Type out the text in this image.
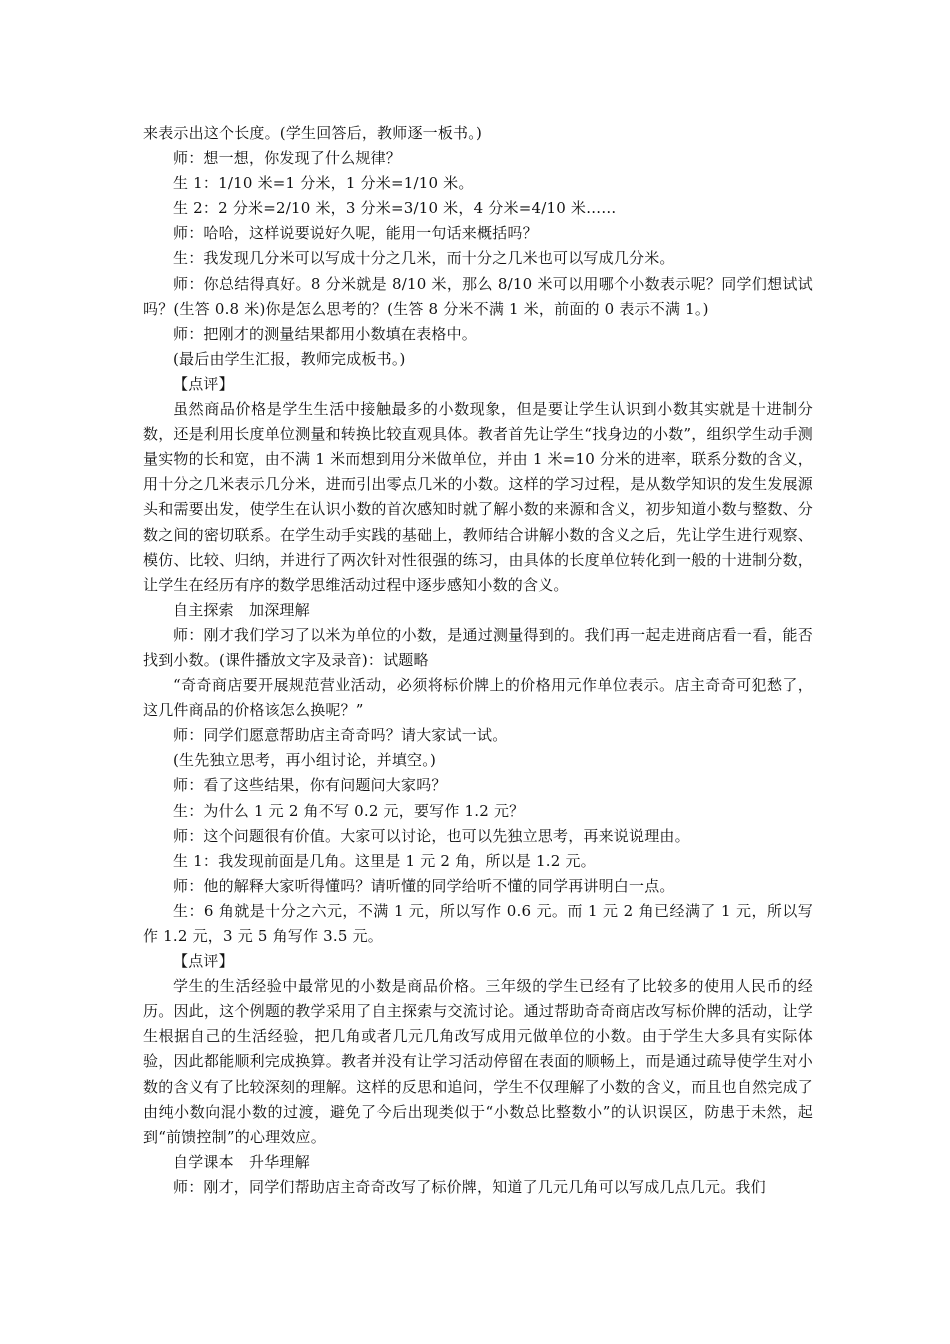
来表示出这个长度。(学生回答后，教师逐一板书。)

师：想一想，你发现了什么规律？

生 1：1/10 米=1 分米，1 分米=1/10 米。

生 2：2 分米=2/10 米，3 分米=3/10 米，4 分米=4/10 米……

师：哈哈，这样说要说好久呢，能用一句话来概括吗？

生：我发现几分米可以写成十分之几米，而十分之几米也可以写成几分米。

师：你总结得真好。8 分米就是 8/10 米，那么 8/10 米可以用哪个小数表示呢？同学们想试试吗？(生答 0.8 米)你是怎么思考的？(生答 8 分米不满 1 米，前面的 0 表示不满 1。)

师：把刚才的测量结果都用小数填在表格中。

(最后由学生汇报，教师完成板书。)

【点评】

虽然商品价格是学生生活中接触最多的小数现象，但是要让学生认识到小数其实就是十进制分数，还是利用长度单位测量和转换比较直观具体。教者首先让学生“找身边的小数”，组织学生动手测量实物的长和宽，由不满 1 米而想到用分米做单位，并由 1 米=10 分米的进率，联系分数的含义，用十分之几米表示几分米，进而引出零点几米的小数。这样的学习过程，是从数学知识的发生发展源头和需要出发，使学生在认识小数的首次感知时就了解小数的来源和含义，初步知道小数与整数、分数之间的密切联系。在学生动手实践的基础上，教师结合讲解小数的含义之后，先让学生进行观察、模仿、比较、归纳，并进行了两次针对性很强的练习，由具体的长度单位转化到一般的十进制分数，让学生在经历有序的数学思维活动过程中逐步感知小数的含义。

自主探索　加深理解

师：刚才我们学习了以米为单位的小数，是通过测量得到的。我们再一起走进商店看一看，能否找到小数。(课件播放文字及录音)：试题略

“奇奇商店要开展规范营业活动，必须将标价牌上的价格用元作单位表示。店主奇奇可犯愁了，这几件商品的价格该怎么换呢？”

师：同学们愿意帮助店主奇奇吗？请大家试一试。

(生先独立思考，再小组讨论，并填空。)

师：看了这些结果，你有问题问大家吗？

生：为什么 1 元 2 角不写 0.2 元，要写作 1.2 元？

师：这个问题很有价值。大家可以讨论，也可以先独立思考，再来说说理由。

生 1：我发现前面是几角。这里是 1 元 2 角，所以是 1.2 元。

师：他的解释大家听得懂吗？请听懂的同学给听不懂的同学再讲明白一点。

生：6 角就是十分之六元，不满 1 元，所以写作 0.6 元。而 1 元 2 角已经满了 1 元，所以写作 1.2 元，3 元 5 角写作 3.5 元。

【点评】

学生的生活经验中最常见的小数是商品价格。三年级的学生已经有了比较多的使用人民币的经历。因此，这个例题的教学采用了自主探索与交流讨论。通过帮助奇奇商店改写标价牌的活动，让学生根据自己的生活经验，把几角或者几元几角改写成用元做单位的小数。由于学生大多具有实际体验，因此都能顺利完成换算。教者并没有让学习活动停留在表面的顺畅上，而是通过疏导使学生对小数的含义有了比较深刻的理解。这样的反思和追问，学生不仅理解了小数的含义，而且也自然完成了由纯小数向混小数的过渡，避免了今后出现类似于“小数总比整数小”的认识误区，防患于未然，起到“前馈控制”的心理效应。

自学课本　升华理解

师：刚才，同学们帮助店主奇奇改写了标价牌，知道了几元几角可以写成几点几元。我们
